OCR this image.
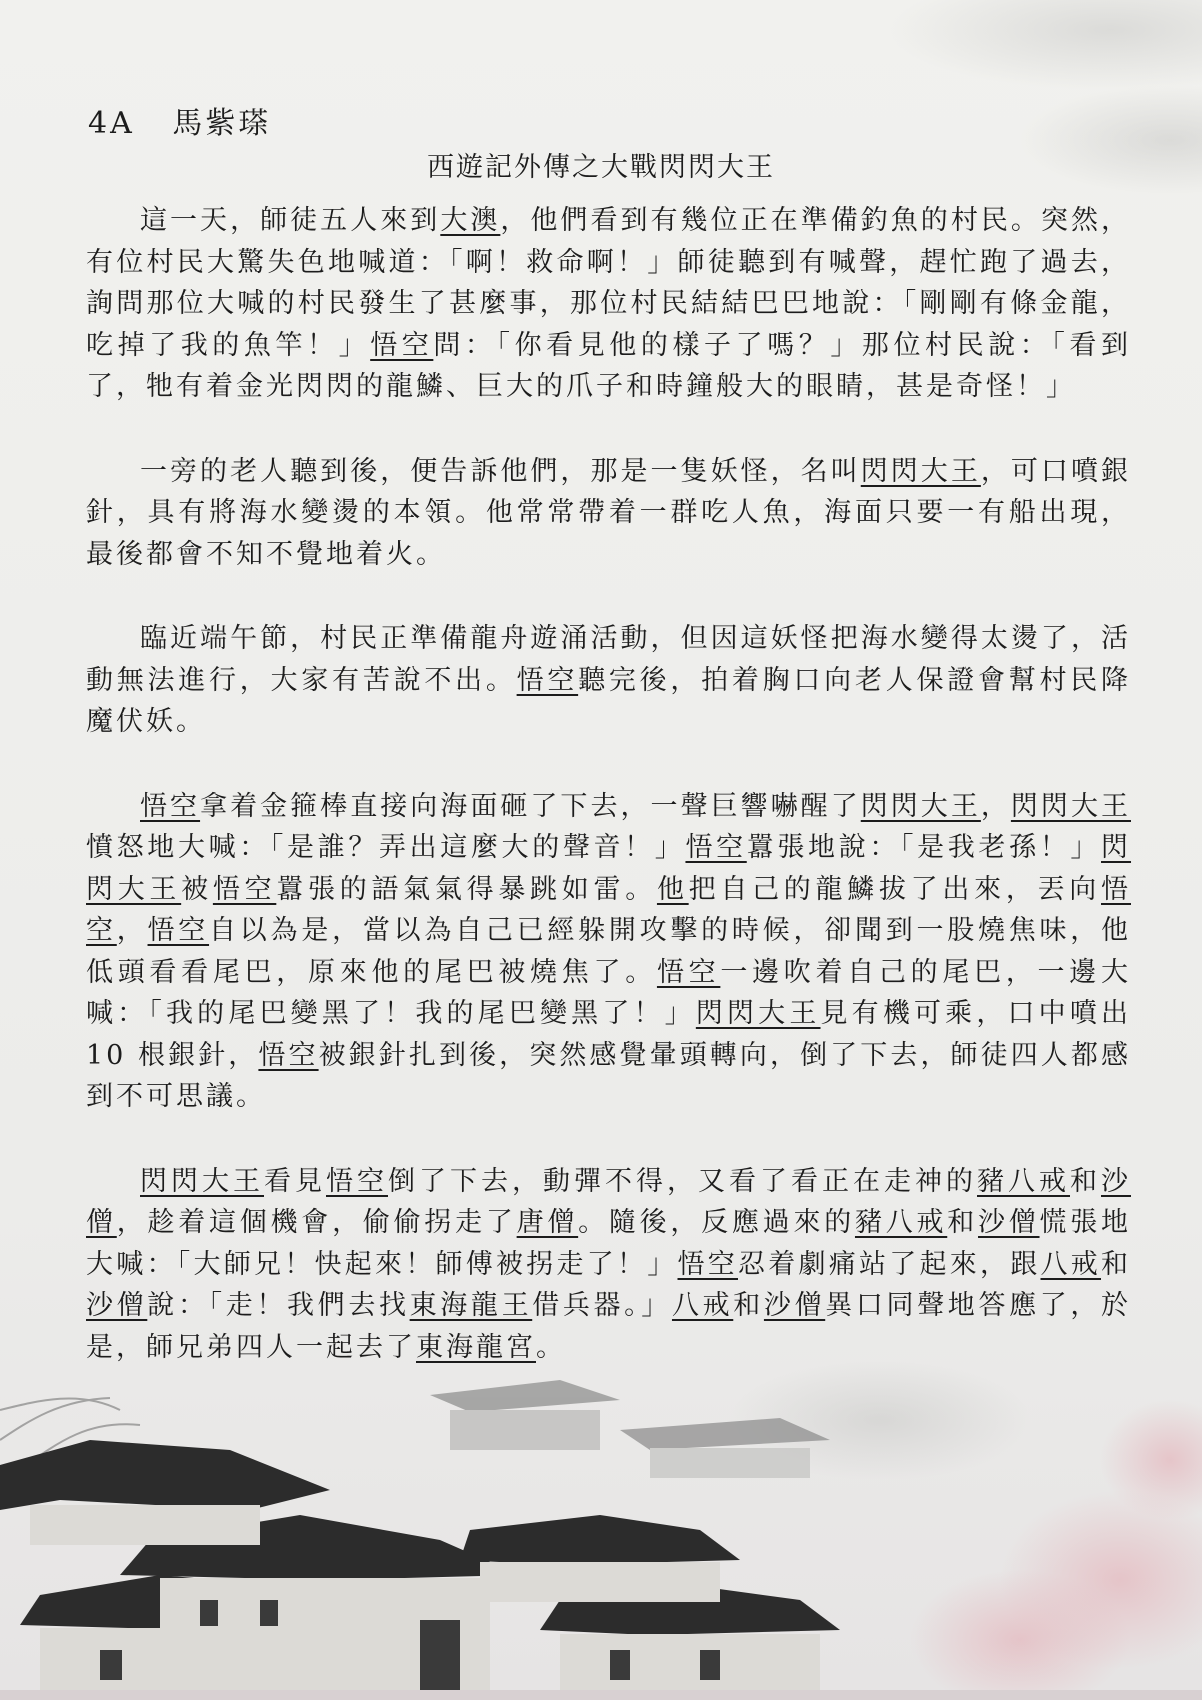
4A 馬紫瑹
西遊記外傳之大戰閃閃大王

這一天，師徒五人來到大澳，他們看到有幾位正在準備釣魚的村民。突然，有位村民大驚失色地喊道：「啊！救命啊！」師徒聽到有喊聲，趕忙跑了過去，詢問那位大喊的村民發生了甚麼事，那位村民結結巴巴地說：「剛剛有條金龍，吃掉了我的魚竿！」悟空問：「你看見他的樣子了嗎？」那位村民說：「看到了，牠有着金光閃閃的龍鱗、巨大的爪子和時鐘般大的眼睛，甚是奇怪！」

一旁的老人聽到後，便告訴他們，那是一隻妖怪，名叫閃閃大王，可口噴銀針，具有將海水變燙的本領。他常常帶着一群吃人魚，海面只要一有船出現，最後都會不知不覺地着火。

臨近端午節，村民正準備龍舟遊涌活動，但因這妖怪把海水變得太燙了，活動無法進行，大家有苦說不出。悟空聽完後，拍着胸口向老人保證會幫村民降魔伏妖。

悟空拿着金箍棒直接向海面砸了下去，一聲巨響嚇醒了閃閃大王，閃閃大王憤怒地大喊：「是誰？弄出這麼大的聲音！」悟空囂張地說：「是我老孫！」閃閃大王被悟空囂張的語氣氣得暴跳如雷。他把自己的龍鱗拔了出來，丟向悟空，悟空自以為是，當以為自己已經躲開攻擊的時候，卻聞到一股燒焦味，他低頭看看尾巴，原來他的尾巴被燒焦了。悟空一邊吹着自己的尾巴，一邊大喊：「我的尾巴變黑了！我的尾巴變黑了！」閃閃大王見有機可乘，口中噴出 10 根銀針，悟空被銀針扎到後，突然感覺暈頭轉向，倒了下去，師徒四人都感到不可思議。

閃閃大王看見悟空倒了下去，動彈不得，又看了看正在走神的豬八戒和沙僧，趁着這個機會，偷偷拐走了唐僧。隨後，反應過來的豬八戒和沙僧慌張地大喊：「大師兄！快起來！師傅被拐走了！」悟空忍着劇痛站了起來，跟八戒和沙僧說：「走！我們去找東海龍王借兵器。」八戒和沙僧異口同聲地答應了，於是，師兄弟四人一起去了東海龍宮。
